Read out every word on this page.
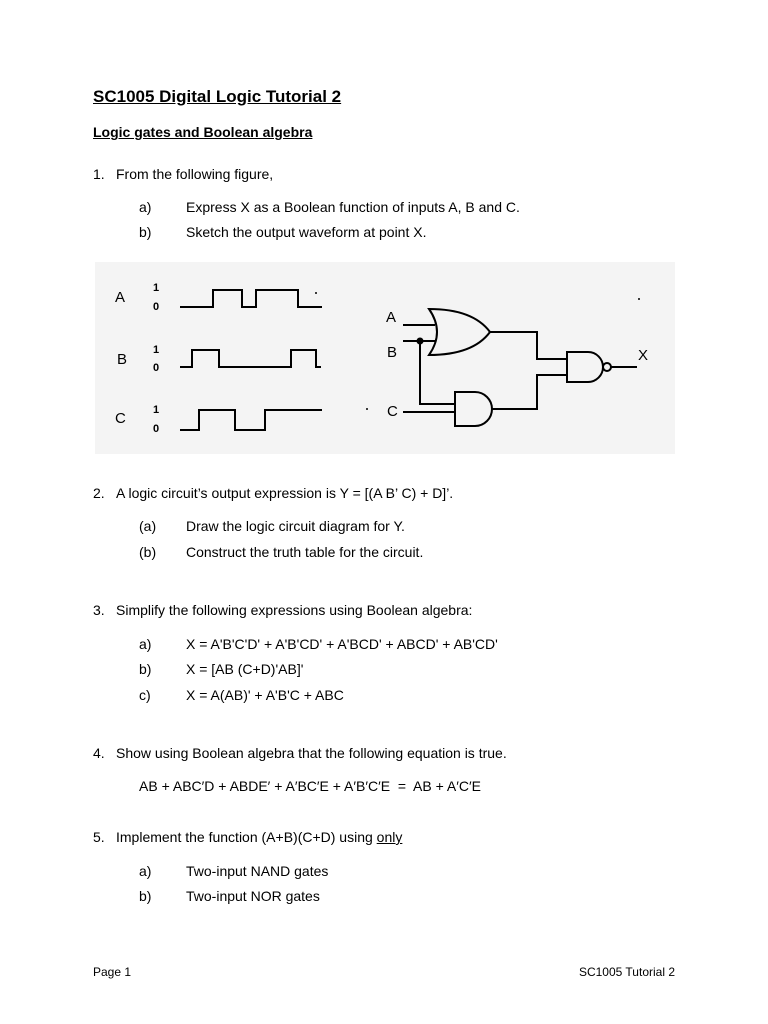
SC1005 Digital Logic Tutorial 2
Logic gates and Boolean algebra
1. From the following figure,
a) Express X as a Boolean function of inputs A, B and C.
b) Sketch the output waveform at point X.
A
1
0
B
1
0
C 1
0
A
B
C
X
2. A logic circuit’s output expression is Y = [(A B’ C) + D]’.
(a) Draw the logic circuit diagram for Y.
(b) Construct the truth table for the circuit.
3. Simplify the following expressions using Boolean algebra:
a) X = A'B'C'D' + A'B'CD' + A'BCD' + ABCD' + AB'CD'
b) X = [AB (C+D)'AB]'
c)	X = A(AB)' + A'B'C + ABC
4. Show using Boolean algebra that the following equation is true.
AB + ABC′D + ABDE′ + A′BC′E + A′B′C′E  =  AB + A′C′E
5. Implement the function (A+B)(C+D) using only
a) Two-input NAND gates
b) Two-input NOR gates
Page 1	SC1005 Tutorial 2
